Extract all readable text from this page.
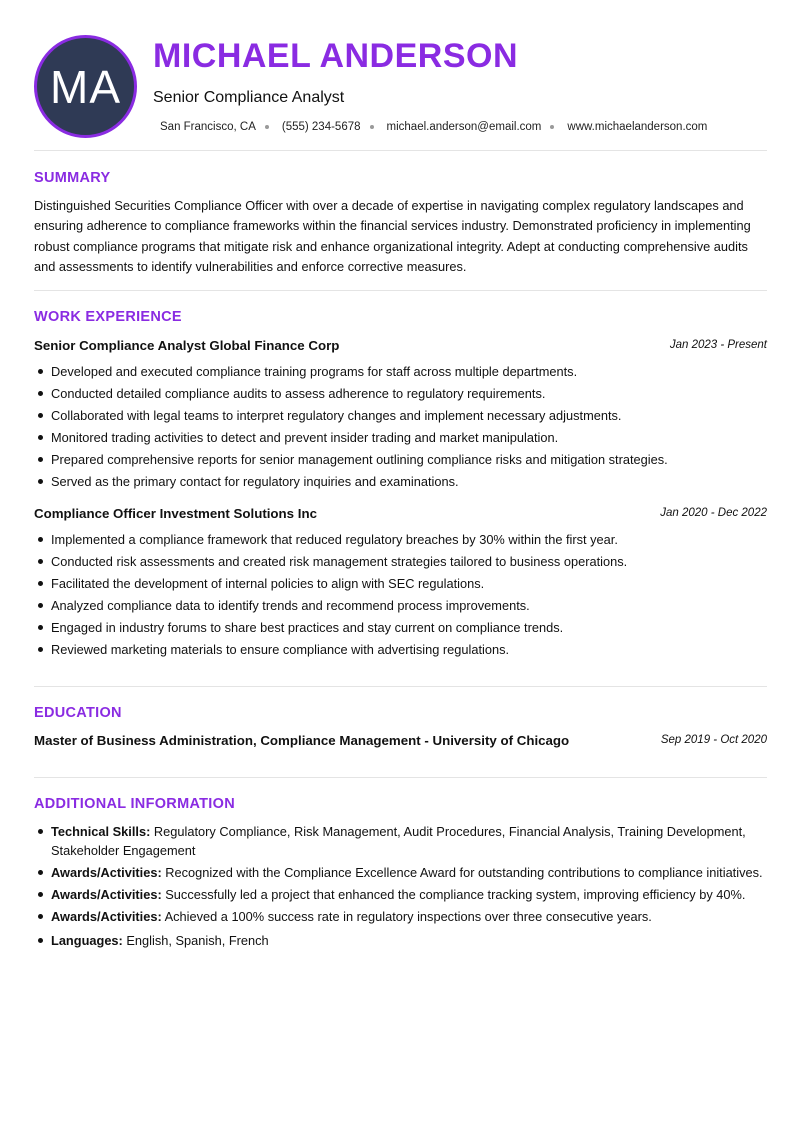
MA
MICHAEL ANDERSON
Senior Compliance Analyst
San Francisco, CA (555) 234-5678 michael.anderson@email.com www.michaelanderson.com
SUMMARY
Distinguished Securities Compliance Officer with over a decade of expertise in navigating complex regulatory landscapes and ensuring adherence to compliance frameworks within the financial services industry. Demonstrated proficiency in implementing robust compliance programs that mitigate risk and enhance organizational integrity. Adept at conducting comprehensive audits and assessments to identify vulnerabilities and enforce corrective measures.
WORK EXPERIENCE
Senior Compliance Analyst Global Finance Corp	Jan 2023 - Present
Developed and executed compliance training programs for staff across multiple departments.
Conducted detailed compliance audits to assess adherence to regulatory requirements.
Collaborated with legal teams to interpret regulatory changes and implement necessary adjustments.
Monitored trading activities to detect and prevent insider trading and market manipulation.
Prepared comprehensive reports for senior management outlining compliance risks and mitigation strategies.
Served as the primary contact for regulatory inquiries and examinations.
Compliance Officer Investment Solutions Inc	Jan 2020 - Dec 2022
Implemented a compliance framework that reduced regulatory breaches by 30% within the first year.
Conducted risk assessments and created risk management strategies tailored to business operations.
Facilitated the development of internal policies to align with SEC regulations.
Analyzed compliance data to identify trends and recommend process improvements.
Engaged in industry forums to share best practices and stay current on compliance trends.
Reviewed marketing materials to ensure compliance with advertising regulations.
EDUCATION
Master of Business Administration, Compliance Management - University of Chicago	Sep 2019 - Oct 2020
ADDITIONAL INFORMATION
Technical Skills: Regulatory Compliance, Risk Management, Audit Procedures, Financial Analysis, Training Development, Stakeholder Engagement
Awards/Activities: Recognized with the Compliance Excellence Award for outstanding contributions to compliance initiatives.
Awards/Activities: Successfully led a project that enhanced the compliance tracking system, improving efficiency by 40%.
Awards/Activities: Achieved a 100% success rate in regulatory inspections over three consecutive years.
Languages: English, Spanish, French
